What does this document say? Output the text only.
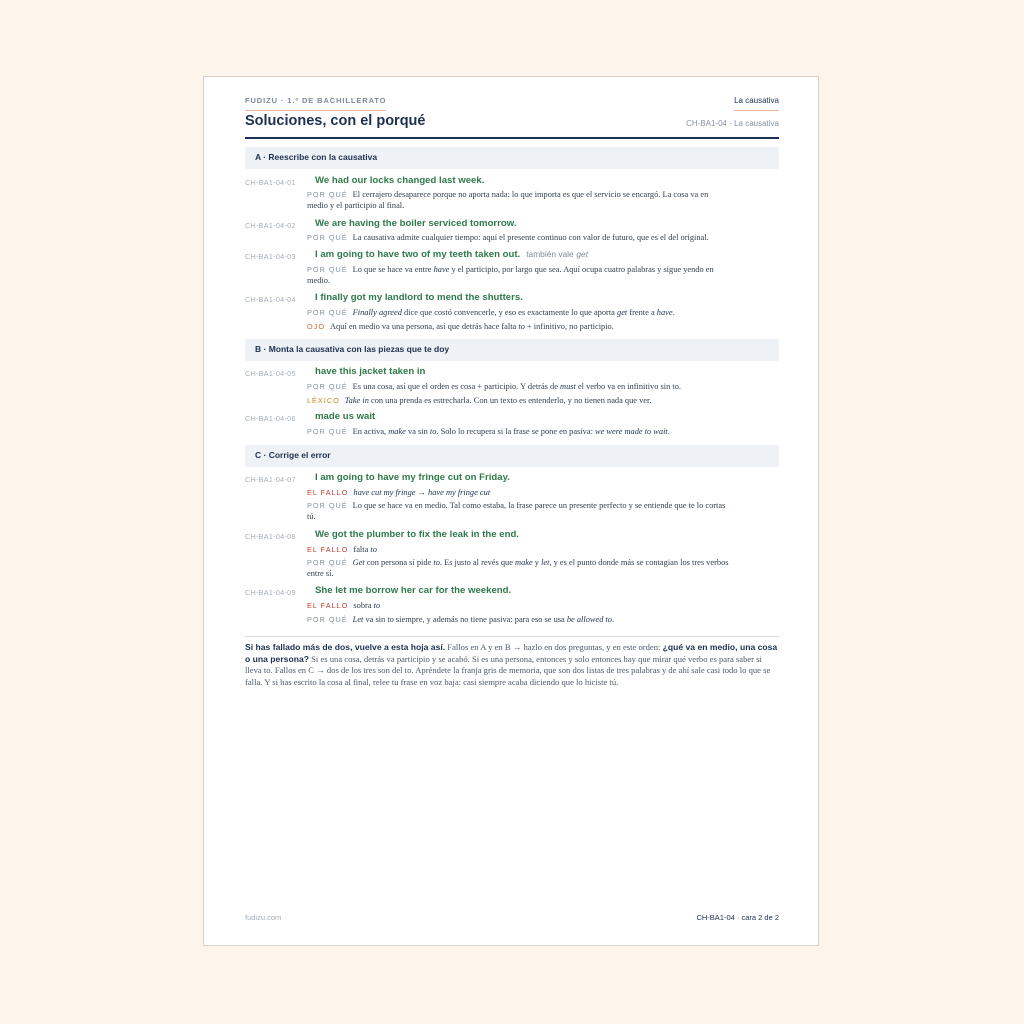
FUDIZU · 1.º DE BACHILLERATO	La causativa
Soluciones, con el porqué	CH-BA1-04 · La causativa
A · Reescribe con la causativa
CH-BA1-04-01 We had our locks changed last week.
POR QUÉ El cerrajero desaparece porque no aporta nada: lo que importa es que el servicio se encargó. La cosa va en
medio y el participio al final.
CH-BA1-04-02 We are having the boiler serviced tomorrow.
POR QUÉ La causativa admite cualquier tiempo: aquí el presente continuo con valor de futuro, que es el del original.
CH-BA1-04-03 I am going to have two of my teeth taken out. también vale get
POR QUÉ Lo que se hace va entre have y el participio, por largo que sea. Aquí ocupa cuatro palabras y sigue yendo en
medio.
CH-BA1-04-04 I finally got my landlord to mend the shutters.
POR QUÉ Finally agreed dice que costó convencerle, y eso es exactamente lo que aporta get frente a have.
OJO Aquí en medio va una persona, así que detrás hace falta to + infinitivo, no participio.
B · Monta la causativa con las piezas que te doy
CH-BA1-04-05 have this jacket taken in
POR QUÉ Es una cosa, así que el orden es cosa + participio. Y detrás de must el verbo va en infinitivo sin to.
LÉXICO Take in con una prenda es estrecharla. Con un texto es entenderlo, y no tienen nada que ver.
CH-BA1-04-06 made us wait
POR QUÉ En activa, make va sin to. Solo lo recupera si la frase se pone en pasiva: we were made to wait.
C · Corrige el error
CH-BA1-04-07 I am going to have my fringe cut on Friday.
EL FALLO have cut my fringe → have my fringe cut
POR QUÉ Lo que se hace va en medio. Tal como estaba, la frase parece un presente perfecto y se entiende que te lo cortas
tú.
CH-BA1-04-08 We got the plumber to fix the leak in the end.
EL FALLO falta to
POR QUÉ Get con persona sí pide to. Es justo al revés que make y let, y es el punto donde más se contagian los tres verbos
entre sí.
CH-BA1-04-09 She let me borrow her car for the weekend.
EL FALLO sobra to
POR QUÉ Let va sin to siempre, y además no tiene pasiva: para eso se usa be allowed to.
Si has fallado más de dos, vuelve a esta hoja así. Fallos en A y en B → hazlo en dos preguntas, y en este orden: ¿qué va en medio, una cosa o una persona? Si es una cosa, detrás va participio y se acabó. Si es una persona, entonces y solo entonces hay que mirar qué verbo es para saber si lleva to. Fallos en C → dos de los tres son del to. Apréndete la franja gris de memoria, que son dos listas de tres palabras y de ahí sale casi todo lo que se falla. Y si has escrito la cosa al final, relee tu frase en voz baja: casi siempre acaba diciendo que lo hiciste tú.
fudizu.com	CH-BA1-04 · cara 2 de 2
